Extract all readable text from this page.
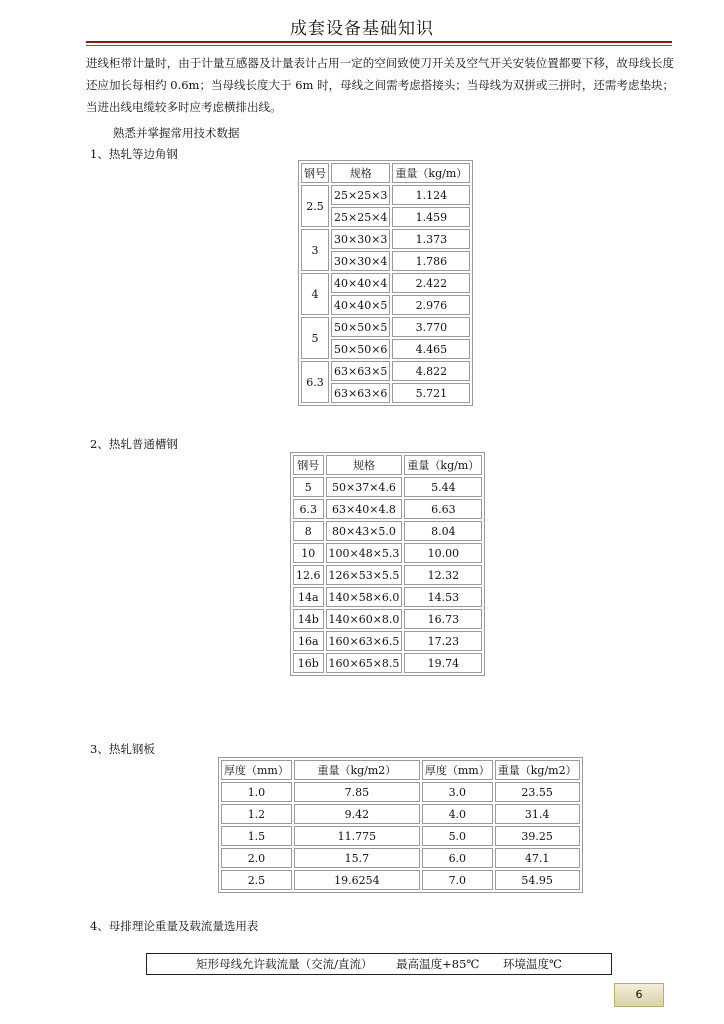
成套设备基础知识
进线柜带计量时，由于计量互感器及计量表计占用一定的空间致使刀开关及空气开关安装位置都要下移，故母线长度还应加长每相约 0.6m；当母线长度大于 6m 时，母线之间需考虑搭接头；当母线为双拼或三拼时，还需考虑垫块；当进出线电缆较多时应考虑横排出线。
熟悉并掌握常用技术数据
1、热轧等边角钢
钢号	规格	重量（kg/m）
2.5	25×25×3	1.124
	25×25×4	1.459
3	30×30×3	1.373
	30×30×4	1.786
4	40×40×4	2.422
	40×40×5	2.976
5	50×50×5	3.770
	50×50×6	4.465
6.3	63×63×5	4.822
	63×63×6	5.721
2、热轧普通槽钢
钢号	规格	重量（kg/m）
5	50×37×4.6	5.44
6.3	63×40×4.8	6.63
8	80×43×5.0	8.04
10	100×48×5.3	10.00
12.6	126×53×5.5	12.32
14a	140×58×6.0	14.53
14b	140×60×8.0	16.73
16a	160×63×6.5	17.23
16b	160×65×8.5	19.74
3、热轧钢板
厚度（mm）	重量（kg/m2）	厚度（mm）	重量（kg/m2）
1.0	7.85	3.0	23.55
1.2	9.42	4.0	31.4
1.5	11.775	5.0	39.25
2.0	15.7	6.0	47.1
2.5	19.6254	7.0	54.95
4、母排理论重量及载流量选用表
矩形母线允许载流量（交流/直流） 最高温度+85℃ 环境温度℃
6
